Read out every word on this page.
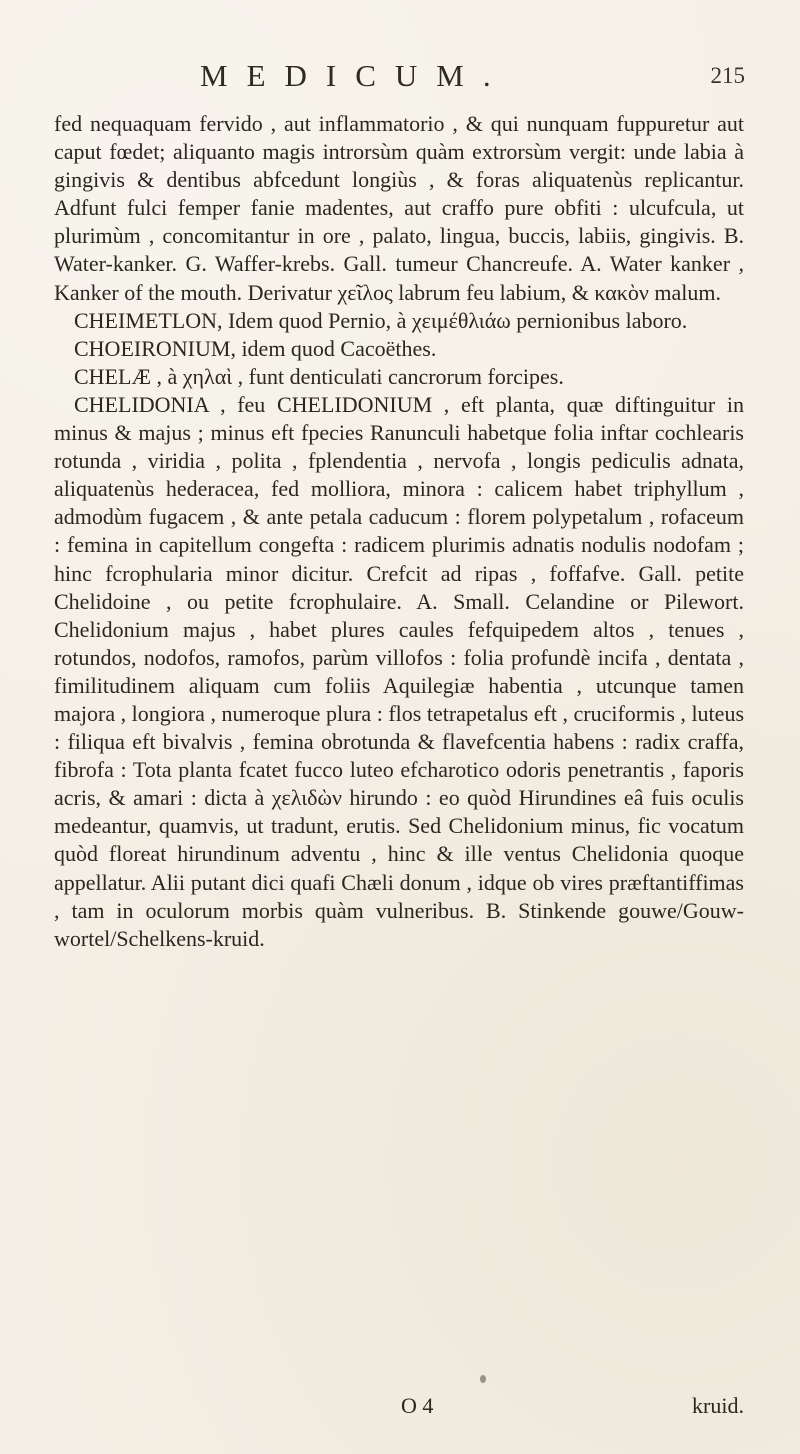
MEDICUM.	215

fed nequaquam fervido , aut inflammatorio , & qui nunquam fuppuretur aut caput fœdet; aliquanto magis introrsùm quàm extrorsùm vergit: unde labia à gingivis & dentibus abfcedunt longiùs , & foras aliquatenùs replicantur. Adfunt fulci femper fanie madentes, aut craffo pure obfiti : ulcufcula, ut plurimùm , concomitantur in ore , palato, lingua, buccis, labiis, gingivis. B. Water-kanker. G. Waffer-krebs. Gall. tumeur Chancreufe. A. Water kanker , Kanker of the mouth. Derivatur χεῖλος labrum feu labium, & κακὸν malum.

CHEIMETLON, Idem quod Pernio, à χειμέθλιάω pernionibus laboro.

CHOEIRONIUM, idem quod Cacoëthes.

CHELÆ , à χηλαὶ , funt denticulati cancrorum forcipes.

CHELIDONIA , feu CHELIDONIUM , eft planta, quæ diftinguitur in minus & majus ; minus eft fpecies Ranunculi habetque folia inftar cochlearis rotunda , viridia , polita , fplendentia , nervofa , longis pediculis adnata, aliquatenùs hederacea, fed molliora, minora : calicem habet triphyllum , admodùm fugacem , & ante petala caducum : florem polypetalum , rofaceum : femina in capitellum congefta : radicem plurimis adnatis nodulis nodofam ; hinc fcrophularia minor dicitur. Crefcit ad ripas , foffafve. Gall. petite Chelidoine , ou petite fcrophulaire. A. Small. Celandine or Pilewort. Chelidonium majus , habet plures caules fefquipedem altos , tenues , rotundos, nodofos, ramofos, parùm villofos : folia profundè incifa , dentata , fimilitudinem aliquam cum foliis Aquilegiæ habentia , utcunque tamen majora , longiora , numeroque plura : flos tetrapetalus eft , cruciformis , luteus : filiqua eft bivalvis , femina obrotunda & flavefcentia habens : radix craffa, fibrofa : Tota planta fcatet fucco luteo efcharotico odoris penetrantis , faporis acris, & amari : dicta à χελιδὼν hirundo : eo quòd Hirundines eâ fuis oculis medeantur, quamvis, ut tradunt, erutis. Sed Chelidonium minus, fic vocatum quòd floreat hirundinum adventu , hinc & ille ventus Chelidonia quoque appellatur. Alii putant dici quafi Chæli donum , idque ob vires præftantiffimas , tam in oculorum morbis quàm vulneribus. B. Stinkende gouwe/Gouw-wortel/Schelkens-kruid.

O 4	kruid.
